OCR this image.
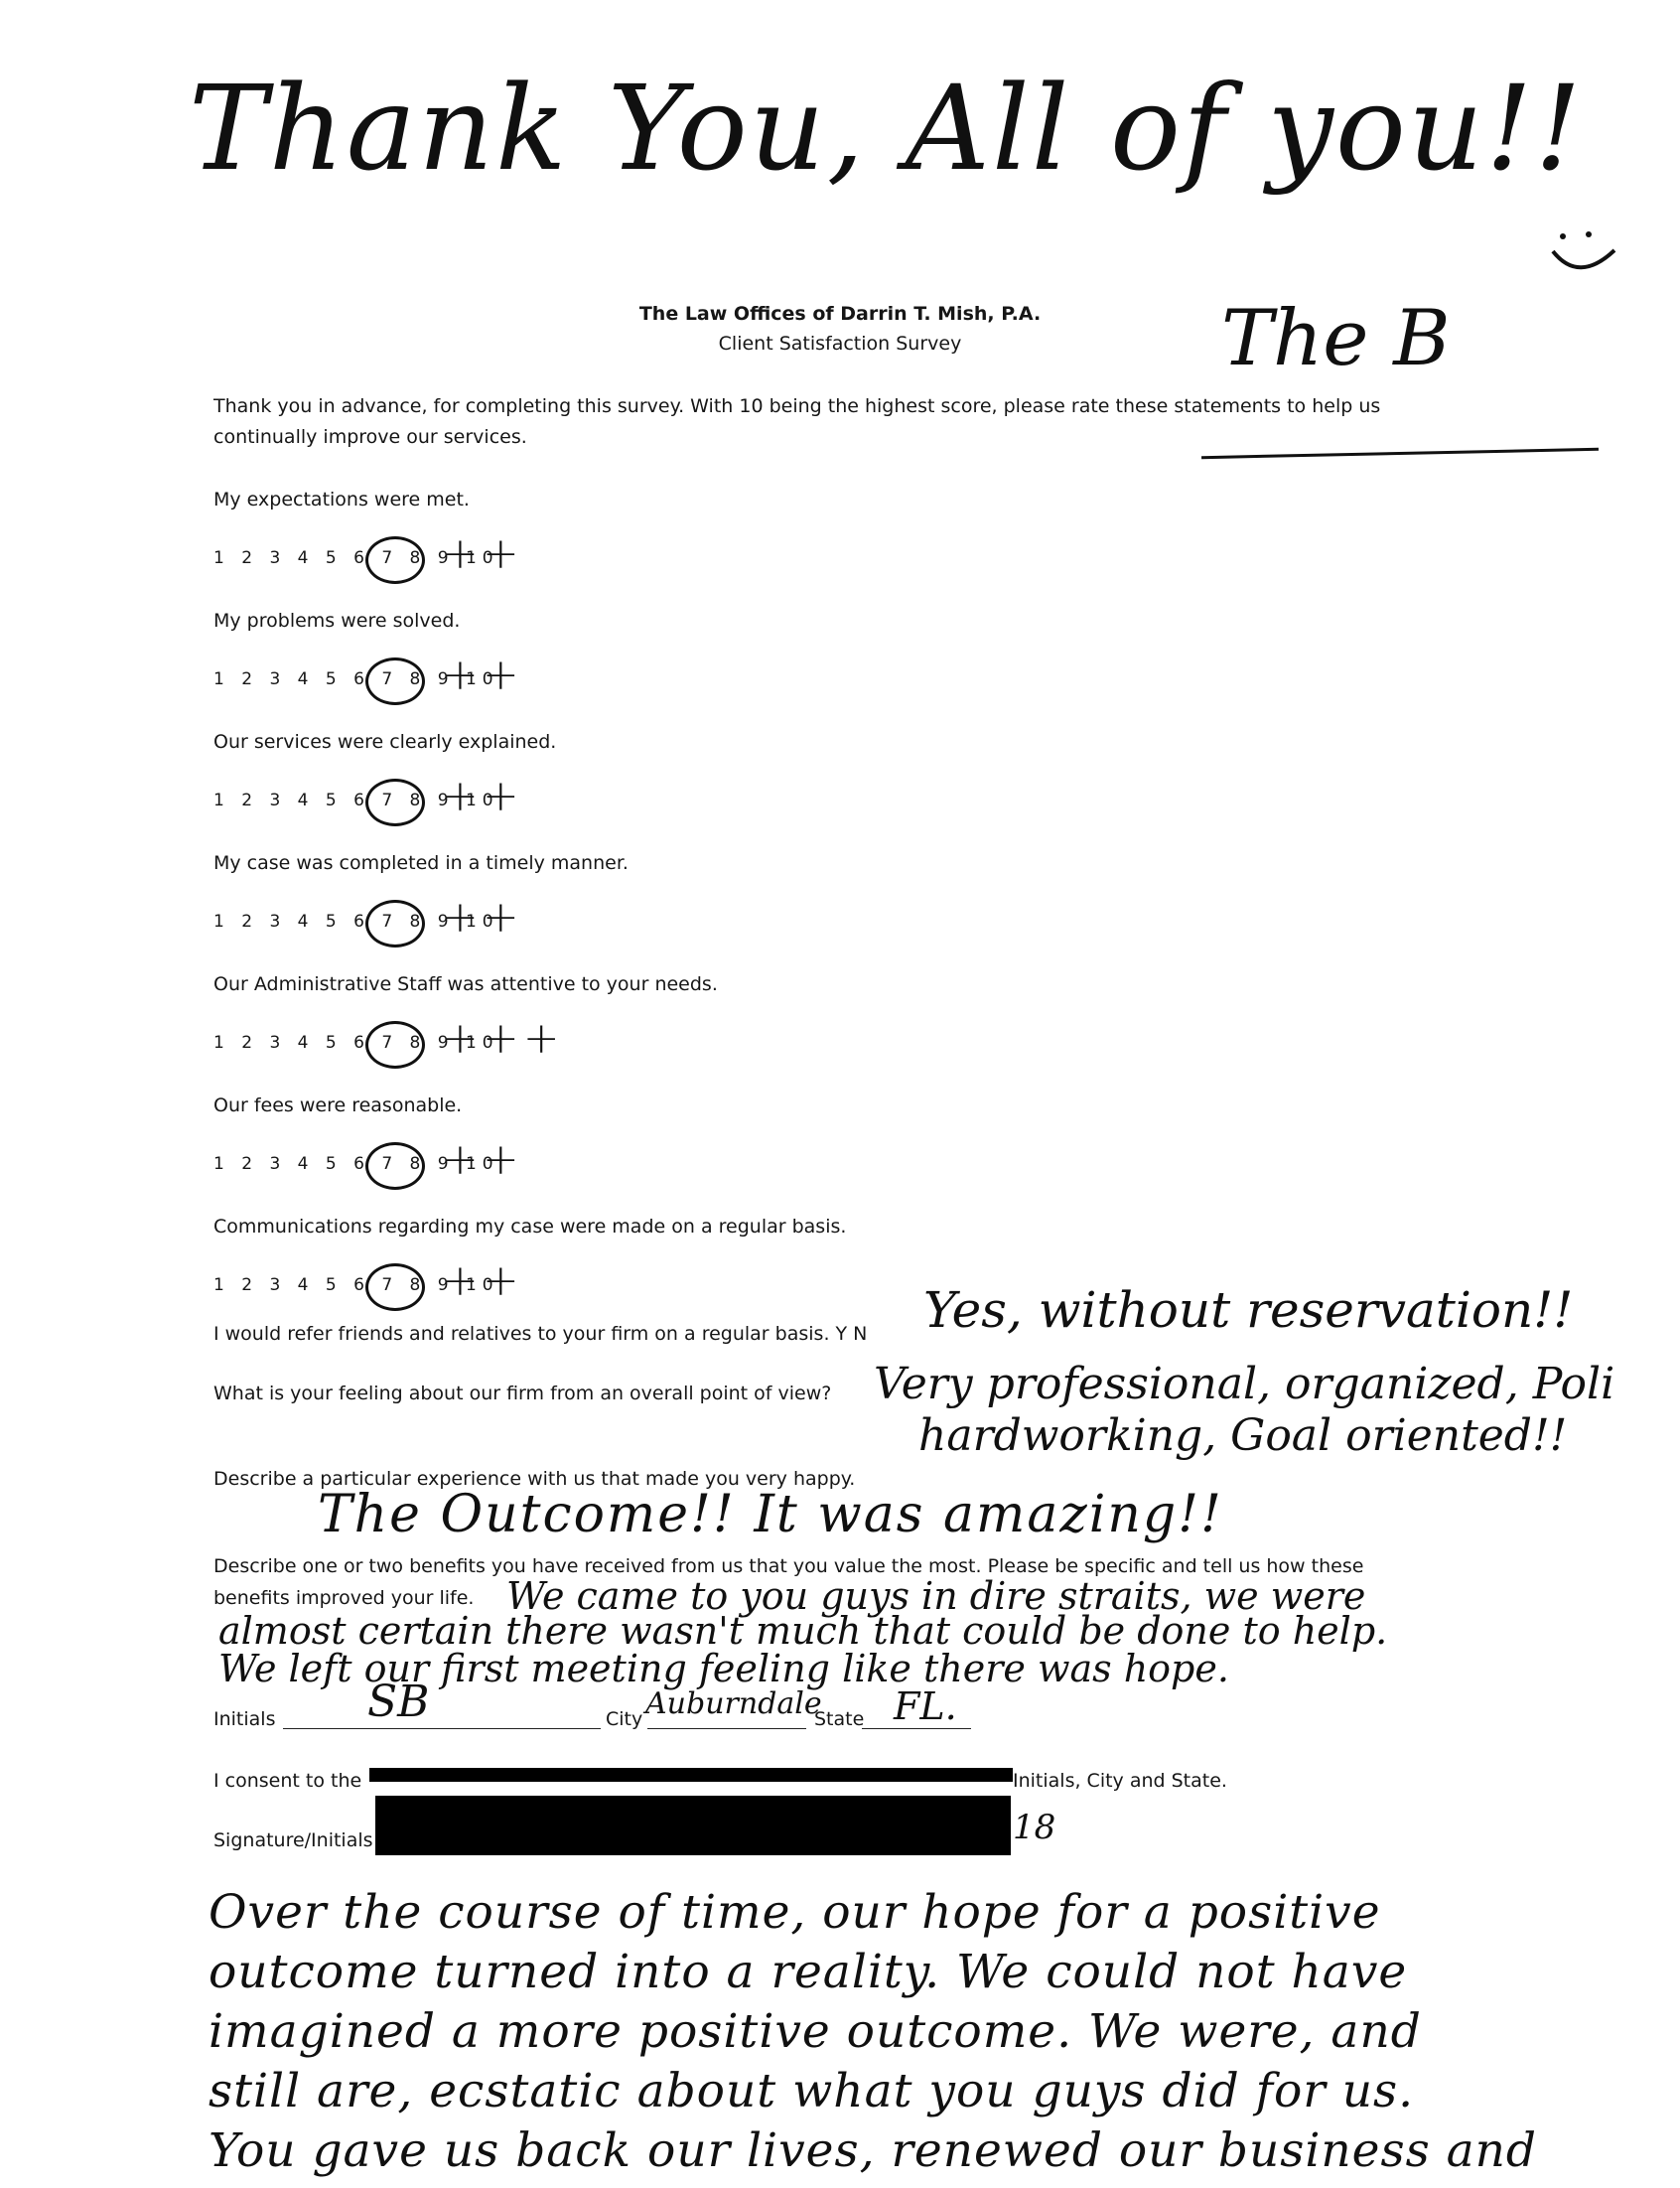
Thank You, All of you!!
The B
The Law Offices of Darrin T. Mish, P.A.
Client Satisfaction Survey
Thank you in advance, for completing this survey. With 10 being the highest score, please rate these statements to help us continually improve our services.
My expectations were met.
1 2 3 4 5 6 7 8 9 10
++
My problems were solved.
1 2 3 4 5 6 7 8 9 10
++
Our services were clearly explained.
1 2 3 4 5 6 7 8 9 10
++
My case was completed in a timely manner.
1 2 3 4 5 6 7 8 9 10
++
Our Administrative Staff was attentive to your needs.
1 2 3 4 5 6 7 8 9 10
+++
Our fees were reasonable.
1 2 3 4 5 6 7 8 9 10
++
Communications regarding my case were made on a regular basis.
1 2 3 4 5 6 7 8 9 10
++
I would refer friends and relatives to your firm on a regular basis. Y N Yes, without reservation!!
What is your feeling about our firm from an overall point of view? Very professional, organized, Poli
hardworking, Goal oriented!!
Describe a particular experience with us that made you very happy.
The Outcome!! It was amazing!!
Describe one or two benefits you have received from us that you value the most. Please be specific and tell us how these
benefits improved your life. We came to you guys in dire straits, we were
almost certain there wasn't much that could be done to help.
We left our first meeting feeling like there was hope.
Initials SB	City Auburndale
State FL.
I consent to the	Initials, City and State.
Signature/Initials	18
Over the course of time, our hope for a positive
outcome turned into a reality. We could not have
imagined a more positive outcome. We were, and
still are, ecstatic about what you guys did for us.
You gave us back our lives, renewed our business and
